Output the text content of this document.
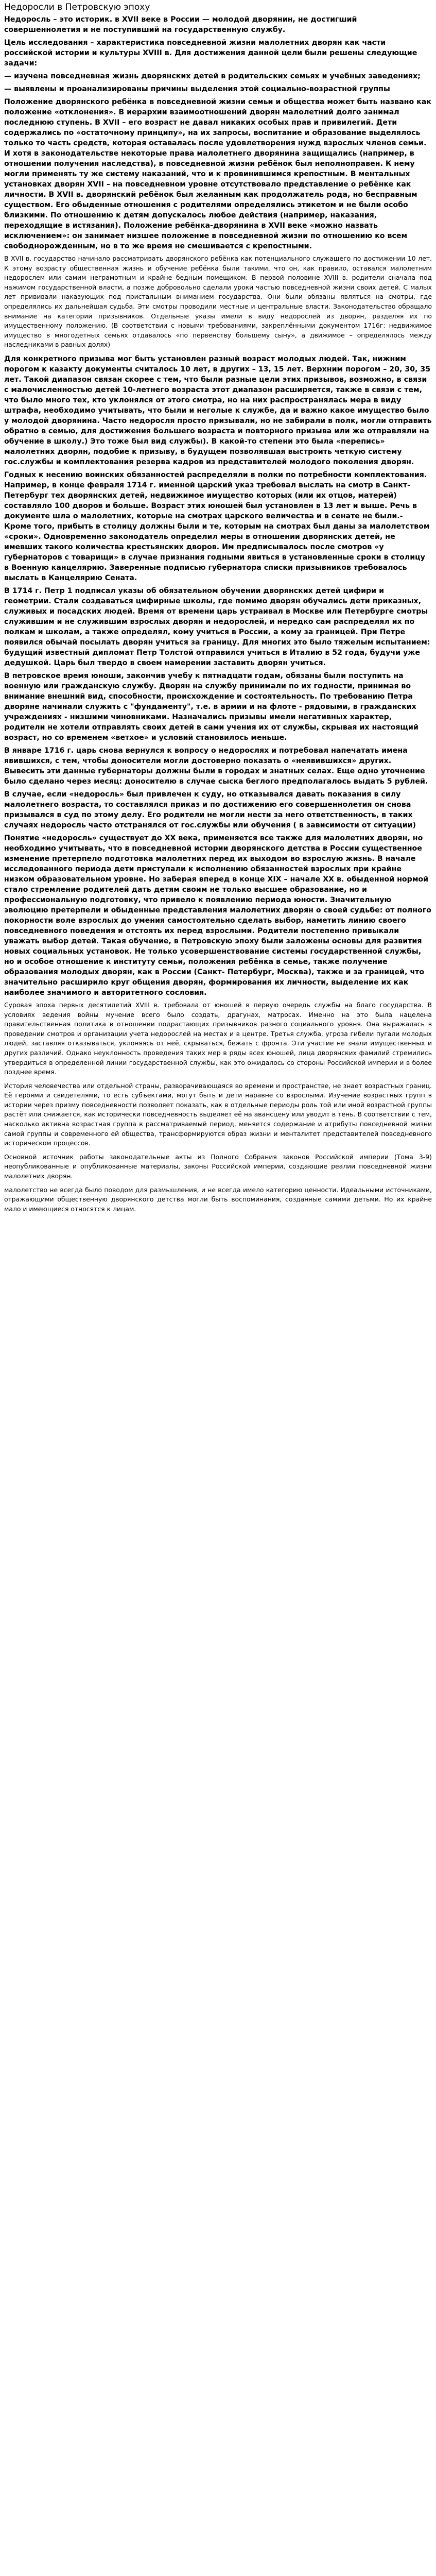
Недоросли в Петровскую эпоху

Недоросль – это историк. в XVII веке в России — молодой дворянин, не достигший совершеннолетия и не поступивший на государственную службу.

Цель исследования – характеристика повседневной жизни малолетних дворян как части российской истории и культуры XVIII в. Для достижения данной цели были решены следующие задачи:

— изучена повседневная жизнь дворянских детей в родительских семьях и учебных заведениях;

— выявлены и проанализированы причины выделения этой социально-возрастной группы

Положение дворянского ребёнка в повседневной жизни семьи и общества может быть названо как положение «отклонения». В иерархии взаимоотношений дворян малолетний долго занимал последнюю ступень. В XVII – его возраст не давал никаких особых прав и привилегий. Дети содержались по «остаточному принципу», на их запросы, воспитание и образование выделялось только то часть средств, которая оставалась после удовлетворения нужд взрослых членов семьи. И хотя в законодательстве некоторые права малолетнего дворянина защищались (например, в отношении получения наследства), в повседневной жизни ребёнок был неполноправен. К нему могли применять ту же систему наказаний, что и к провинившимся крепостным. В ментальных установках дворян XVII – на повседневном уровне отсутствовало представление о ребёнке как личности. В XVII в. дворянский ребёнок был желанным как продолжатель рода, но бесправным существом. Его обыденные отношения с родителями определялись этикетом и не были особо близкими. По отношению к детям допускалось любое действия (например, наказания, переходящие в истязания). Положение ребёнка-дворянина в XVII веке «можно назвать исключением»: он занимает низшее положение в повседневной жизни по отношению ко всем свободнорожденным, но в то же время не смешивается с крепостными.

В XVII в. государство начинало рассматривать дворянского ребёнка как потенциального служащего по достижении 10 лет. К этому возрасту общественная жизнь и обучение ребёнка были такими, что он, как правило, оставался малолетним недорослем или самим неграмотным и крайне бедным помещиком. В первой половине XVIII в. родители сначала под нажимом государственной власти, а позже добровольно сделали уроки частью повседневной жизни своих детей. С малых лет прививали наказующих под пристальным вниманием государства. Они были обязаны являться на смотры, где определялись их дальнейшая судьба. Эти смотры проводили местные и центральные власти. Законодательство обращало внимание на категории призывников. Отдельные указы имели в виду недорослей из дворян, разделяя их по имущественному положению. (В соответствии с новыми требованиями, закреплёнными документом 1716г: недвижимое имущество в многодетных семьях отдавалось «по первенству большему сыну», а движимое – определялось между наследниками в равных долях)

Для конкретного призыва мог быть установлен разный возраст молодых людей. Так, нижним порогом к казакту документы считалось 10 лет, в других – 13, 15 лет. Верхним порогом – 20, 30, 35 лет. Такой диапазон связан скорее с тем, что были разные цели этих призывов, возможно, в связи с малочисленностью детей 10-летнего возраста этот диапазон расширяется, также в связи с тем, что было много тех, кто уклонялся от этого смотра, но на них распространялась мера в виду штрафа, необходимо учитывать, что были и неголые к службе, да и важно какое имущество было у молодой дворянина. Часто недоросля просто призывали, но не забирали в полк, могли отправить обратно в семью, для достижения большего возраста и повторного призыва или же отправляли на обучение в школу.) Это тоже был вид службы). В какой-то степени это была «перепись» малолетних дворян, подобие к призыву, в будущем позволявшая выстроить четкую систему гос.службы и комплектования резерва кадров из представителей молодого поколения дворян.

Годных к несению воинских обязанностей распределяли в полки по потребности комплектования. Например, в конце февраля 1714 г. именной царский указ требовал выслать на смотр в Санкт-Петербург тех дворянских детей, недвижимое имущество которых (или их отцов, матерей) составляло 100 дворов и больше. Возраст этих юношей был установлен в 13 лет и выше. Речь в документе шла о малолетних, которые на смотрах царского величества и в сенате не были.- Кроме того, прибыть в столицу должны были и те, которым на смотрах был даны за малолетством «сроки». Одновременно законодатель определил меры в отношении дворянских детей, не имевших такого количества крестьянских дворов. Им предписывалось после смотров «у губернаторов с товарищи» в случае признания годными явиться в установленные сроки в столицу в Военную канцелярию. Заверенные подписью губернатора списки призывников требовалось выслать в Канцелярию Сената.

В 1714 г. Петр 1 подписал указы об обязательном обучении дворянских детей цифири и геометрии. Стали создаваться цифирные школы, где помимо дворян обучались дети приказных, служивых и посадских людей. Время от времени царь устраивал в Москве или Петербурге смотры служившим и не служившим взрослых дворян и недорослей, и нередко сам распределял их по полкам и школам, а также определял, кому учиться в России, а кому за границей. При Петре появился обычай посылать дворян учиться за границу. Для многих это было тяжелым испытанием: будущий известный дипломат Петр Толстой отправился учиться в Италию в 52 года, будучи уже дедушкой. Царь был твердо в своем намерении заставить дворян учиться.

В петровское время юноши, закончив учебу к пятнадцати годам, обязаны были поступить на военную или гражданскую службу. Дворян на службу принимали по их годности, принимая во внимание внешний вид, способности, происхождение и состоятельность. По требованию Петра дворяне начинали служить с "фундаменту", т.е. в армии и на флоте - рядовыми, в гражданских учреждениях - низшими чиновниками. Назначались призывы имели негативных характер, родители не хотели отправлять своих детей в сами учения их от службы, скрывая их настоящий возраст, но со временем «ветхое» и условий становилось меньше.

В январе 1716 г. царь снова вернулся к вопросу о недорослях и потребовал напечатать имена явившихся, с тем, чтобы доносители могли достоверно показать о «неявившихся» других. Вывесить эти данные губернаторы должны были в городах и знатных селах. Еще одно уточнение было сделано через месяц: доносителю в случае сыска беглого предполагалось выдать 5 рублей.

В случае, если «недоросль» был привлечен к суду, но отказывался давать показания в силу малолетнего возраста, то составлялся приказ и по достижению его совершеннолетия он снова призывался в суд по этому делу. Его родители не могли нести за него ответственность, в таких случаях недоросль часто отстранялся от гос.службы или обучения ( в зависимости от ситуации)

Понятие «недоросль» существует до XX века, применяется все также для малолетних дворян, но необходимо учитывать, что в повседневной истории дворянского детства в России существенное изменение претерпело подготовка малолетних перед их выходом во взрослую жизнь. В начале исследованного периода дети приступали к исполнению обязанностей взрослых при крайне низком образовательном уровне. Но заберая вперед в конце XIX – начале XX в. обыденной нормой стало стремление родителей дать детям своим не только высшее образование, но и профессиональную подготовку, что привело к появлению периода юности. Значительную эволюцию претерпели и обыденные представления малолетних дворян о своей судьбе: от полного покорности воле взрослых до умения самостоятельно сделать выбор, наметить линию своего повседневного поведения и отстоять их перед взрослыми. Родители постепенно привыкали уважать выбор детей. Такая обучение, в Петровскую эпоху были заложены основы для развития новых социальных установок. Не только усовершенствование системы государственной службы, но и особое отношение к институту семьи, положения ребёнка в семье, также получение образования молодых дворян, как в России (Санкт- Петербург, Москва), также и за границей, что значительно расширило круг общения дворян, формирования их личности, выделение их как наиболее значимого и авторитетного сословия.

Суровая эпоха первых десятилетий XVIII в. требовала от юношей в первую очередь службы на благо государства. В условиях ведения войны мучение всего было создать, драгунах, матросах. Именно на это была нацелена правительственная политика в отношении подрастающих призывников разного социального уровня. Она выражалась в проведении смотров и организации учета недорослей на местах и в центре. Третья служба, угроза гибели пугали молодых людей, заставляя отказываться, уклоняясь от неё, скрываться, бежать с фронта. Эти участие не знали имущественных и других различий. Однако неуклонность проведения таких мер в ряды всех юношей, лица дворянских фамилий стремились утвердиться в определенной линии государственной службы, как это ожидалось со стороны Российской империи и в более позднее время.

История человечества или отдельной страны, разворачивающаяся во времени и пространстве, не знает возрастных границ. Её героями и свидетелями, то есть субъектами, могут быть и дети наравне со взрослыми. Изучение возрастных групп в истории через призму повседневности позволяет показать, как в отдельные периоды роль той или иной возрастной группы растёт или снижается, как исторически повседневность выделяет её на авансцену или уводит в тень. В соответствии с тем, насколько активна возрастная группа в рассматриваемый период, меняется содержание и атрибуты повседневной жизни самой группы и современного ей общества, трансформируются образ жизни и менталитет представителей повседневного историческом процессов.

Основной источник работы законодательные акты из Полного Собрания законов Российской империи (Тома 3-9) неопубликованные и опубликованные материалы, законы Российской империи, создающие реалии повседневной жизни малолетних дворян.

малолетство не всегда было поводом для размышления, и не всегда имело категорию ценности. Идеальными источниками, отражающими общественную дворянского детства могли быть воспоминания, созданные самими детьми. Но их крайне мало и имеющиеся относятся к лицам.
